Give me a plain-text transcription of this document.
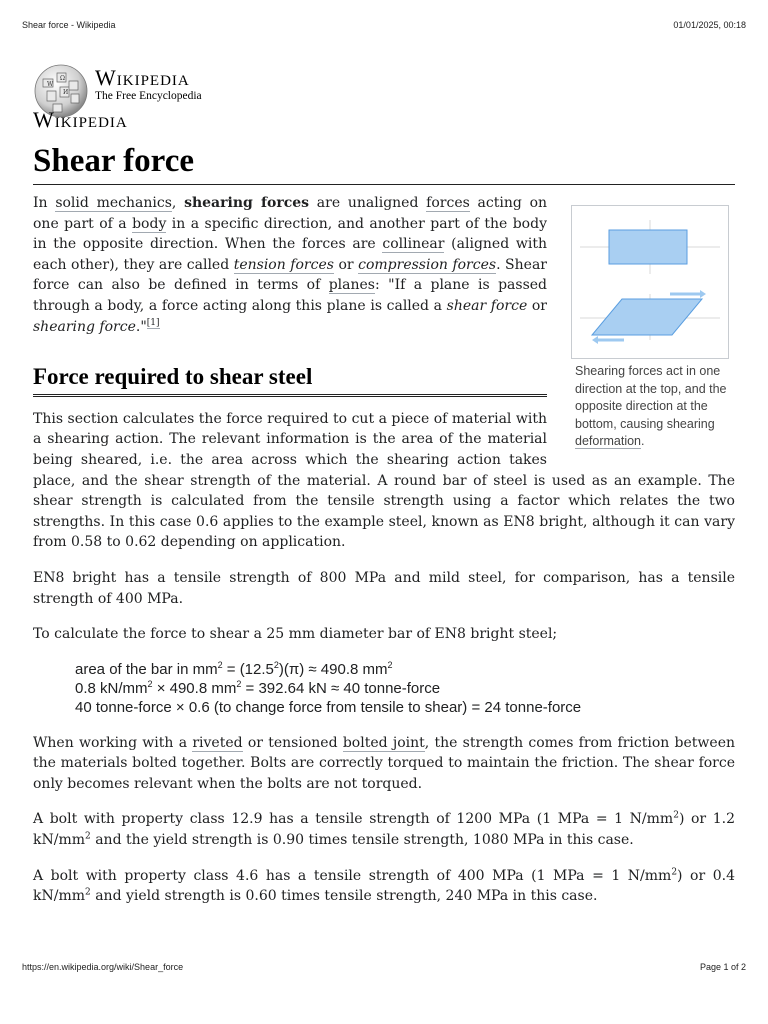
Shear force - Wikipedia	01/01/2025, 00:18
W
Ω
И
Wikipedia
The Free Encyclopedia
Wikipedia
Shear force
Shearing forces act in one direction at the top, and the opposite direction at the bottom, causing shearing deformation.

In solid mechanics, shearing forces are unaligned forces acting on one part of a body in a specific direction, and another part of the body in the opposite direction. When the forces are collinear (aligned with each other), they are called tension forces or compression forces. Shear force can also be defined in terms of planes: "If a plane is passed through a body, a force acting along this plane is called a shear force or shearing force."[1]

Force required to shear steel

This section calculates the force required to cut a piece of material with a shearing action. The relevant information is the area of the material being sheared, i.e. the area across which the shearing action takes place, and the shear strength of the material. A round bar of steel is used as an example. The shear strength is calculated from the tensile strength using a factor which relates the two strengths. In this case 0.6 applies to the example steel, known as EN8 bright, although it can vary from 0.58 to 0.62 depending on application.

EN8 bright has a tensile strength of 800 MPa and mild steel, for comparison, has a tensile strength of 400 MPa.

To calculate the force to shear a 25 mm diameter bar of EN8 bright steel;

area of the bar in $mm^2 = (12.5^2)(\pi) \approx 490.8$ $mm^2$
0.8 $kN/mm^2 \times 490.8$ $mm^2 = 392.64$ kN ≈ 40 tonne-force
40 tonne-force × 0.6 (to change force from tensile to shear) = 24 tonne-force

When working with a riveted or tensioned bolted joint, the strength comes from friction between the materials bolted together. Bolts are correctly torqued to maintain the friction. The shear force only becomes relevant when the bolts are not torqued.

A bolt with property class 12.9 has a tensile strength of 1200 MPa (1 MPa = 1 $N/mm^2$) or 1.2 $kN/mm^2$ and the yield strength is 0.90 times tensile strength, 1080 MPa in this case.

A bolt with property class 4.6 has a tensile strength of 400 MPa (1 MPa = 1 $N/mm^2$) or 0.4 $kN/mm^2$ and yield strength is 0.60 times tensile strength, 240 MPa in this case.

https://en.wikipedia.org/wiki/Shear_force	Page 1 of 2
